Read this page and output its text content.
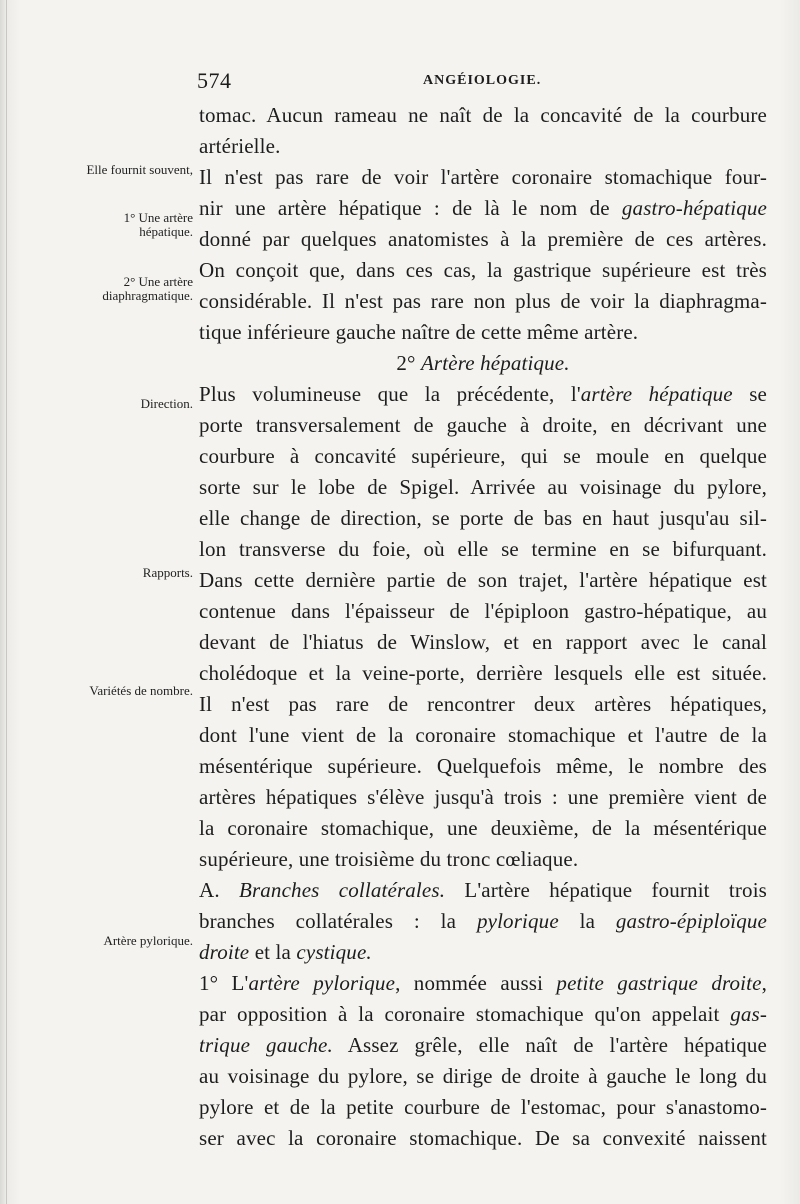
574	ANGÉIOLOGIE.
Elle fournit souvent,
1° Une artère hépatique.
2° Une artère diaphragmatique.
Direction.
Rapports.
Variétés de nombre.
Artère pylorique.
tomac. Aucun rameau ne naît de la concavité de la courbure
artérielle.
Il n'est pas rare de voir l'artère coronaire stomachique four-
nir une artère hépatique : de là le nom de gastro-hépatique
donné par quelques anatomistes à la première de ces artères.
On conçoit que, dans ces cas, la gastrique supérieure est très
considérable. Il n'est pas rare non plus de voir la diaphragma-
tique inférieure gauche naître de cette même artère.
2° Artère hépatique.
Plus volumineuse que la précédente, l'artère hépatique se
porte transversalement de gauche à droite, en décrivant une
courbure à concavité supérieure, qui se moule en quelque
sorte sur le lobe de Spigel. Arrivée au voisinage du pylore,
elle change de direction, se porte de bas en haut jusqu'au sil-
lon transverse du foie, où elle se termine en se bifurquant.
Dans cette dernière partie de son trajet, l'artère hépatique est
contenue dans l'épaisseur de l'épiploon gastro-hépatique, au
devant de l'hiatus de Winslow, et en rapport avec le canal
cholédoque et la veine-porte, derrière lesquels elle est située.
Il n'est pas rare de rencontrer deux artères hépatiques,
dont l'une vient de la coronaire stomachique et l'autre de la
mésentérique supérieure. Quelquefois même, le nombre des
artères hépatiques s'élève jusqu'à trois : une première vient de
la coronaire stomachique, une deuxième, de la mésentérique
supérieure, une troisième du tronc cœliaque.
A. Branches collatérales. L'artère hépatique fournit trois
branches collatérales : la pylorique la gastro-épiploïque
droite et la cystique.
1° L'artère pylorique, nommée aussi petite gastrique droite,
par opposition à la coronaire stomachique qu'on appelait gas-
trique gauche. Assez grêle, elle naît de l'artère hépatique
au voisinage du pylore, se dirige de droite à gauche le long du
pylore et de la petite courbure de l'estomac, pour s'anastomo-
ser avec la coronaire stomachique. De sa convexité naissent
